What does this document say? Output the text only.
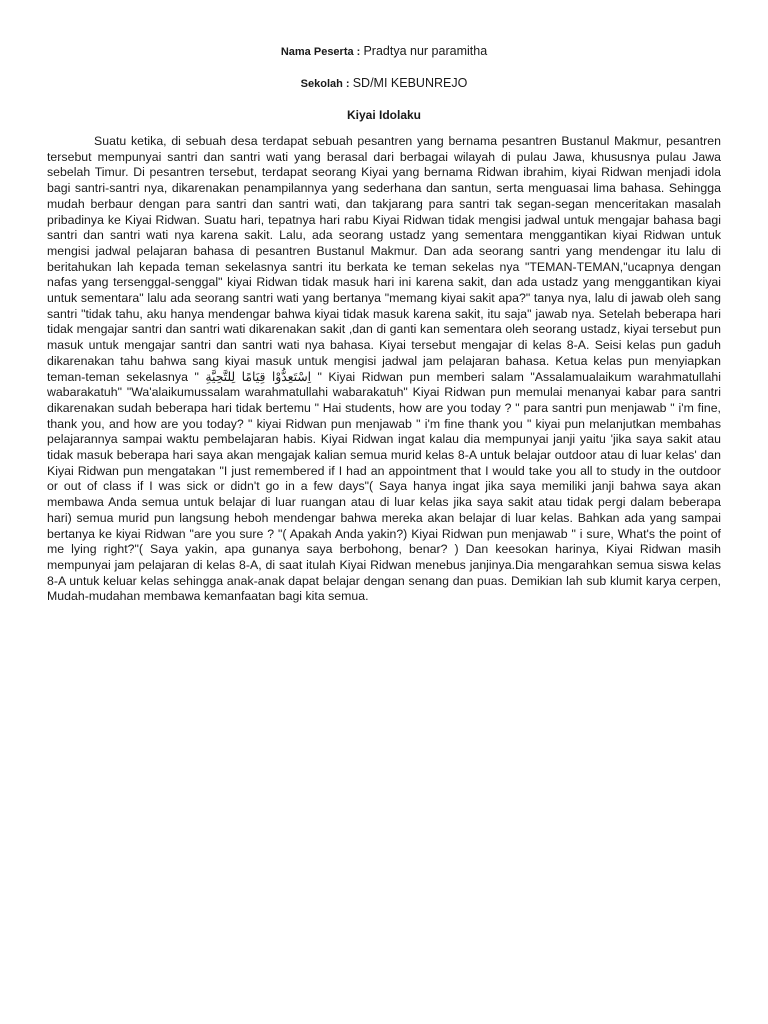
Nama Peserta : Pradtya nur paramitha
Sekolah : SD/MI KEBUNREJO
Kiyai Idolaku

Suatu ketika, di sebuah desa terdapat sebuah pesantren yang bernama pesantren Bustanul Makmur, pesantren tersebut mempunyai santri dan santri wati yang berasal dari berbagai wilayah di pulau Jawa, khususnya pulau Jawa sebelah Timur. Di pesantren tersebut, terdapat seorang Kiyai yang bernama Ridwan ibrahim, kiyai Ridwan menjadi idola bagi santri-santri nya, dikarenakan penampilannya yang sederhana dan santun, serta menguasai lima bahasa. Sehingga mudah berbaur dengan para santri dan santri wati, dan takjarang para santri tak segan-segan menceritakan masalah pribadinya ke Kiyai Ridwan. Suatu hari, tepatnya hari rabu Kiyai Ridwan tidak mengisi jadwal untuk mengajar bahasa bagi santri dan santri wati nya karena sakit. Lalu, ada seorang ustadz yang sementara menggantikan kiyai Ridwan untuk mengisi jadwal pelajaran bahasa di pesantren Bustanul Makmur. Dan ada seorang santri yang mendengar itu lalu di beritahukan lah kepada teman sekelasnya santri itu berkata ke teman sekelas nya "TEMAN-TEMAN,"ucapnya dengan nafas yang tersenggal-senggal" kiyai Ridwan tidak masuk hari ini karena sakit, dan ada ustadz yang menggantikan kiyai untuk sementara" lalu ada seorang santri wati yang bertanya "memang kiyai sakit apa?" tanya nya, lalu di jawab oleh sang santri "tidak tahu, aku hanya mendengar bahwa kiyai tidak masuk karena sakit, itu saja" jawab nya. Setelah beberapa hari tidak mengajar santri dan santri wati dikarenakan sakit ,dan di ganti kan sementara oleh seorang ustadz, kiyai tersebut pun masuk untuk mengajar santri dan santri wati nya bahasa. Kiyai tersebut mengajar di kelas 8-A. Seisi kelas pun gaduh dikarenakan tahu bahwa sang kiyai masuk untuk mengisi jadwal jam pelajaran bahasa. Ketua kelas pun menyiapkan teman-teman sekelasnya " اِسْتَعِدُّوْا قِيَامًا لِلتَّحِيَّةِ " Kiyai Ridwan pun memberi salam "Assalamualaikum warahmatullahi wabarakatuh" "Wa'alaikumussalam warahmatullahi wabarakatuh" Kiyai Ridwan pun memulai menanyai kabar para santri dikarenakan sudah beberapa hari tidak bertemu " Hai students, how are you today ? " para santri pun menjawab " i'm fine, thank you, and how are you today? " kiyai Ridwan pun menjawab " i'm fine thank you " kiyai pun melanjutkan membahas pelajarannya sampai waktu pembelajaran habis. Kiyai Ridwan ingat kalau dia mempunyai janji yaitu 'jika saya sakit atau tidak masuk beberapa hari saya akan mengajak kalian semua murid kelas 8-A untuk belajar outdoor atau di luar kelas' dan Kiyai Ridwan pun mengatakan "I just remembered if I had an appointment that I would take you all to study in the outdoor or out of class if I was sick or didn't go in a few days"( Saya hanya ingat jika saya memiliki janji bahwa saya akan membawa Anda semua untuk belajar di luar ruangan atau di luar kelas jika saya sakit atau tidak pergi dalam beberapa hari) semua murid pun langsung heboh mendengar bahwa mereka akan belajar di luar kelas. Bahkan ada yang sampai bertanya ke kiyai Ridwan "are you sure ? "( Apakah Anda yakin?) Kiyai Ridwan pun menjawab " i sure, What's the point of me lying right?"( Saya yakin, apa gunanya saya berbohong, benar? ) Dan keesokan harinya, Kiyai Ridwan masih mempunyai jam pelajaran di kelas 8-A, di saat itulah Kiyai Ridwan menebus janjinya.Dia mengarahkan semua siswa kelas 8-A untuk keluar kelas sehingga anak-anak dapat belajar dengan senang dan puas. Demikian lah sub klumit karya cerpen, Mudah-mudahan membawa kemanfaatan bagi kita semua.
